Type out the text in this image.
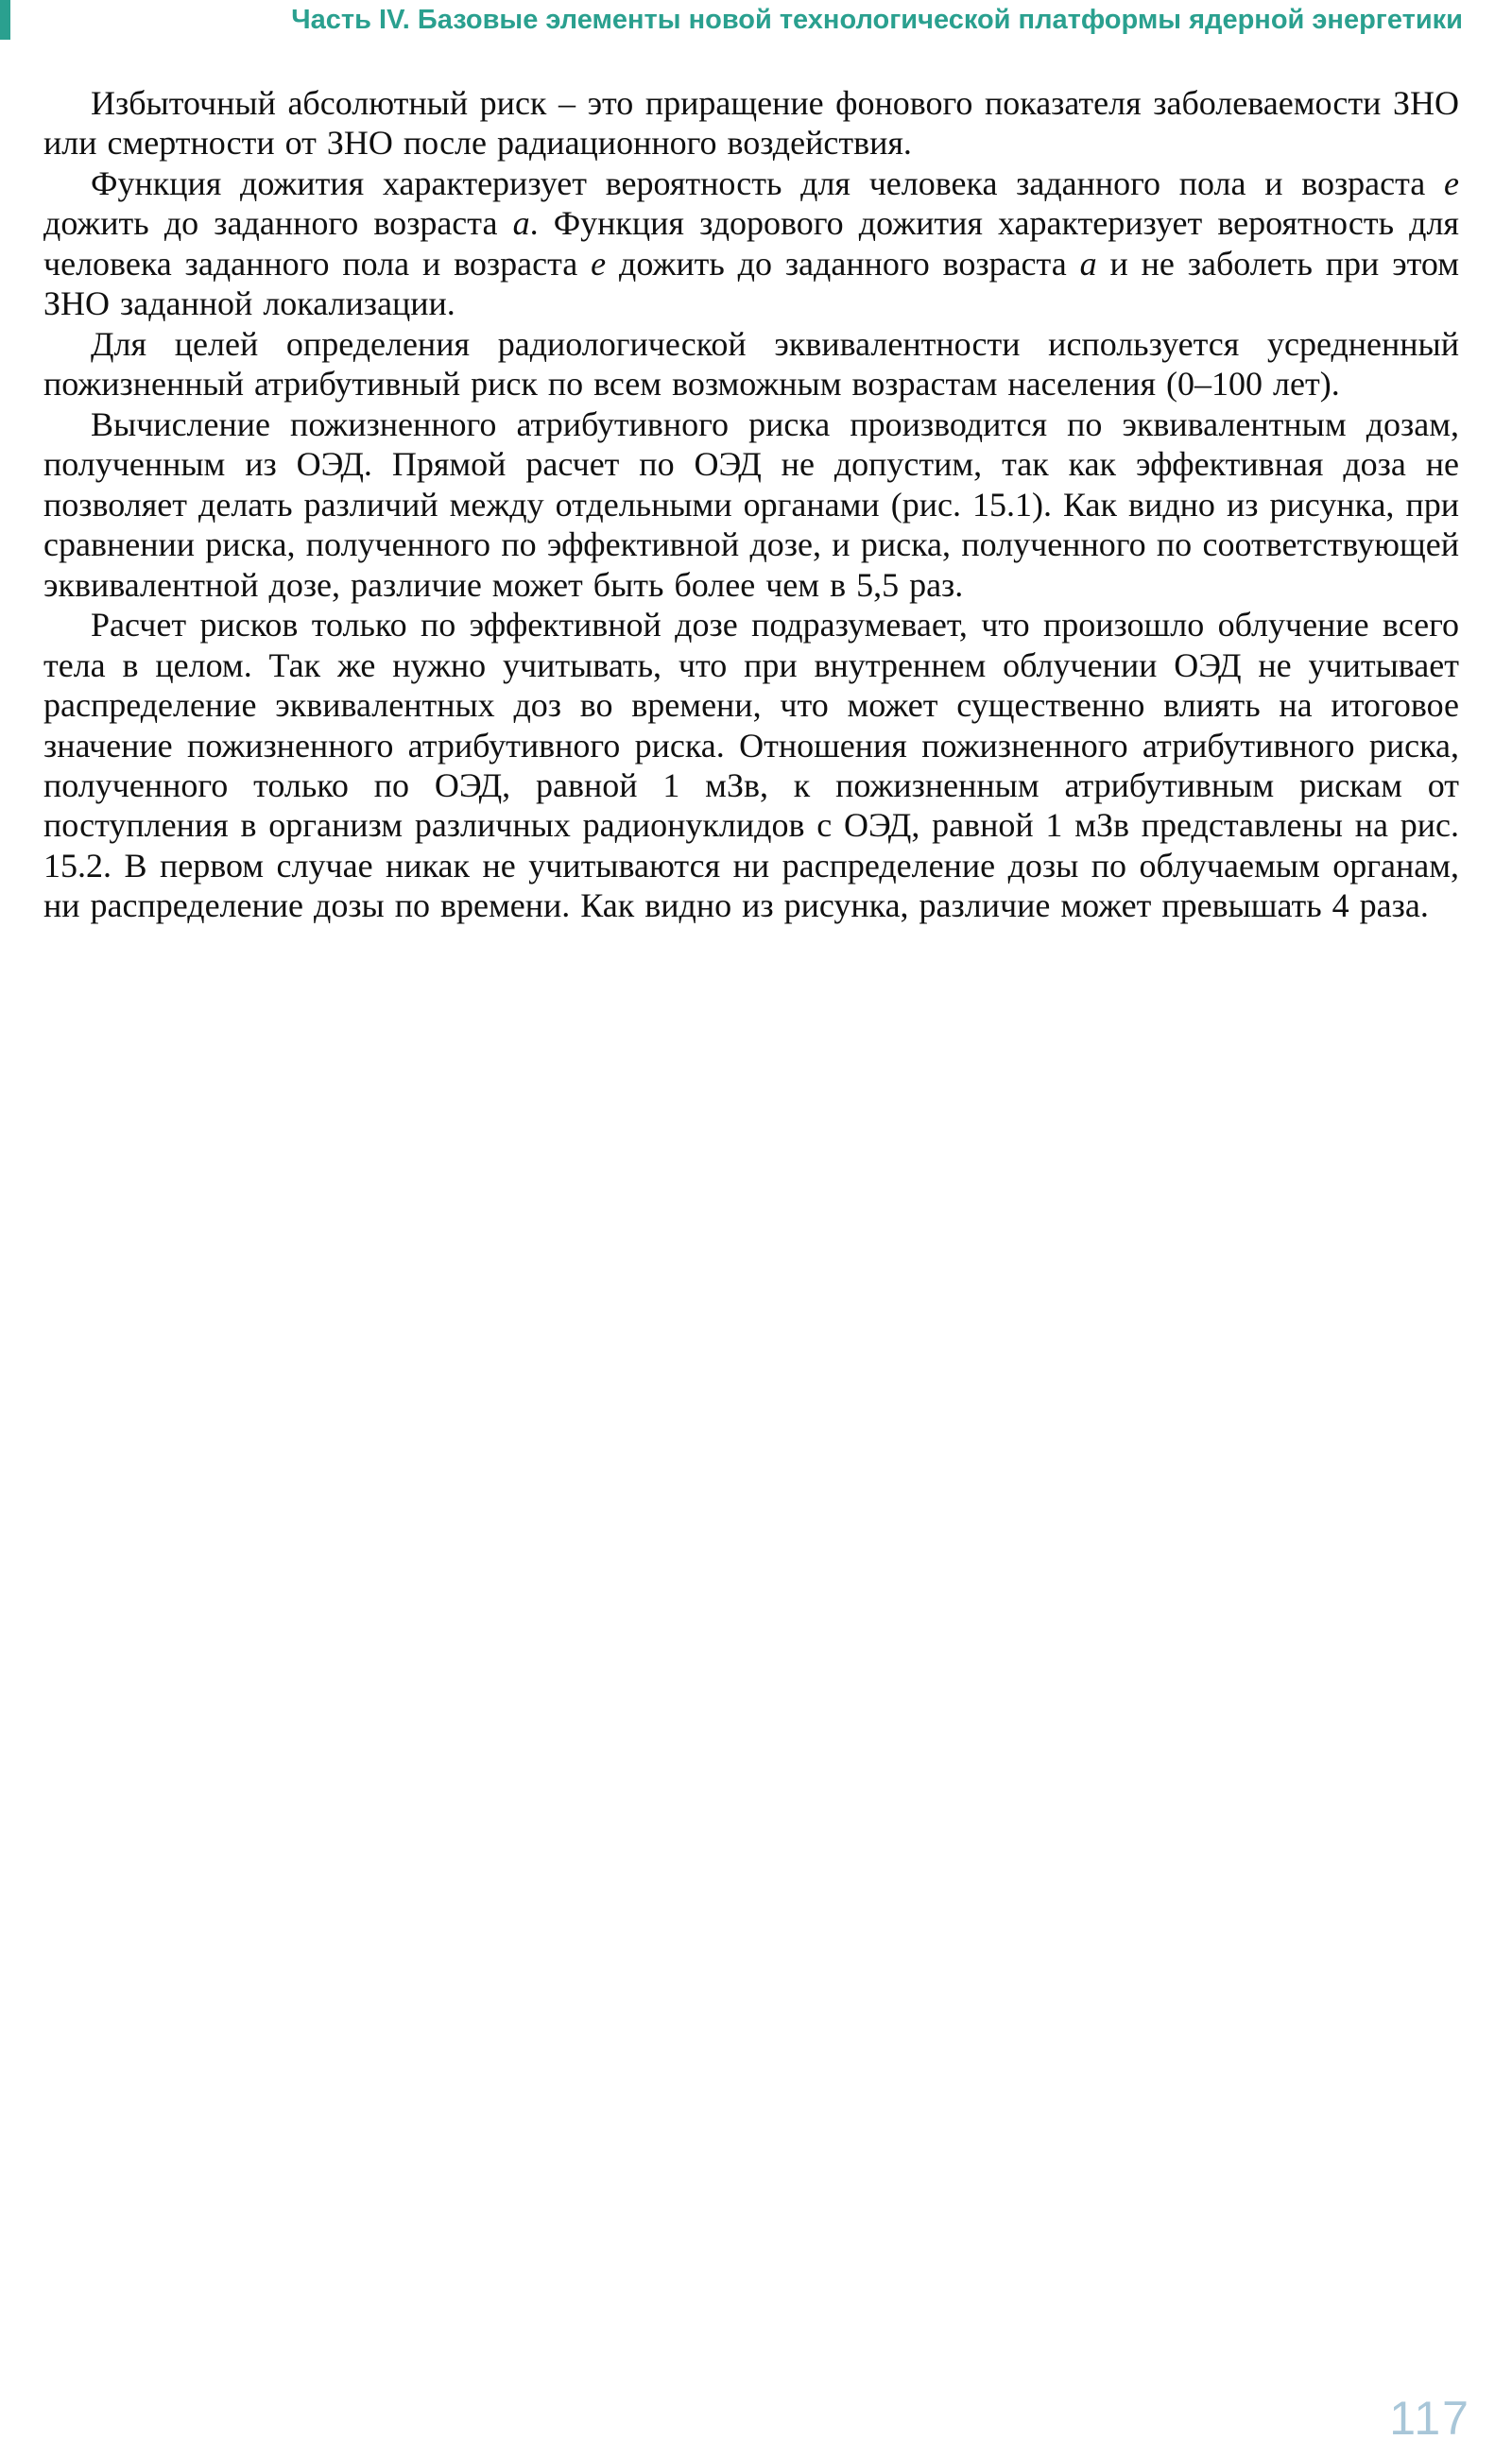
Часть IV. Базовые элементы новой технологической платформы ядерной энергетики

Избыточный абсолютный риск – это приращение фонового показателя заболеваемости ЗНО или смертности от ЗНО после радиационного воздействия.

Функция дожития характеризует вероятность для человека заданного пола и возраста e дожить до заданного возраста a. Функция здорового дожития характеризует вероятность для человека заданного пола и возраста e дожить до заданного возраста a и не заболеть при этом ЗНО заданной локализации.

Для целей определения радиологической эквивалентности используется усредненный пожизненный атрибутивный риск по всем возможным возрастам населения (0–100 лет).

Вычисление пожизненного атрибутивного риска производится по эквивалентным дозам, полученным из ОЭД. Прямой расчет по ОЭД не допустим, так как эффективная доза не позволяет делать различий между отдельными органами (рис. 15.1). Как видно из рисунка, при сравнении риска, полученного по эффективной дозе, и риска, полученного по соответствующей эквивалентной дозе, различие может быть более чем в 5,5 раз.

Расчет рисков только по эффективной дозе подразумевает, что произошло облучение всего тела в целом. Так же нужно учитывать, что при внутреннем облучении ОЭД не учитывает распределение эквивалентных доз во времени, что может существенно влиять на итоговое значение пожизненного атрибутивного риска. Отношения пожизненного атрибутивного риска, полученного только по ОЭД, равной 1 мЗв, к пожизненным атрибутивным рискам от поступления в организм различных радионуклидов с ОЭД, равной 1 мЗв представлены на рис. 15.2. В первом случае никак не учитываются ни распределение дозы по облучаемым органам, ни распределение дозы по времени. Как видно из рисунка, различие может превышать 4 раза.

117
